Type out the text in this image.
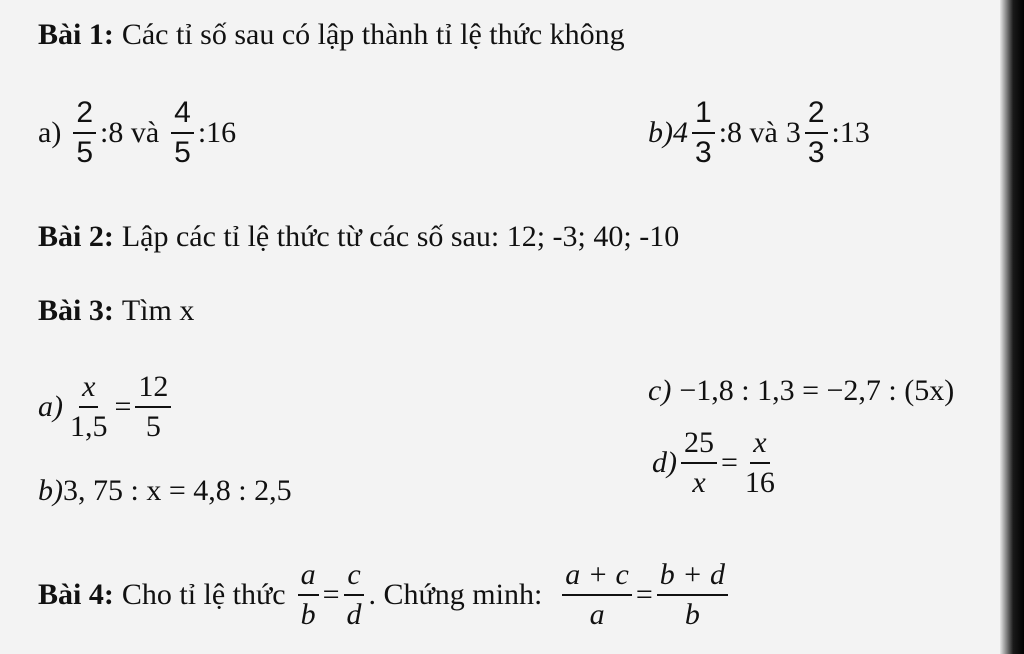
Bài 1: Các tỉ số sau có lập thành tỉ lệ thức không
$a) \frac{2}{5}$ :8 và $\frac{4}{5}$ :16	$b)4 \frac{1}{3}$ :8 và $3 \frac{2}{3}$ :13
Bài 2: Lập các tỉ lệ thức từ các số sau: 12; -3; 40; -10
Bài 3: Tìm x
$a) \frac{x}{1,5} = \frac{12}{5}$
b) 3, 75 : x = 4,8 : 2,5
c) −1,8 : 1,3 = −2,7 : (5x)
$d) \frac{25}{x} = \frac{x}{16}$
Bài 4: Cho tỉ lệ thức $\frac{a}{b} = \frac{c}{d}$ . Chứng minh: $\frac{a + c}{a} = \frac{b + d}{b}$
